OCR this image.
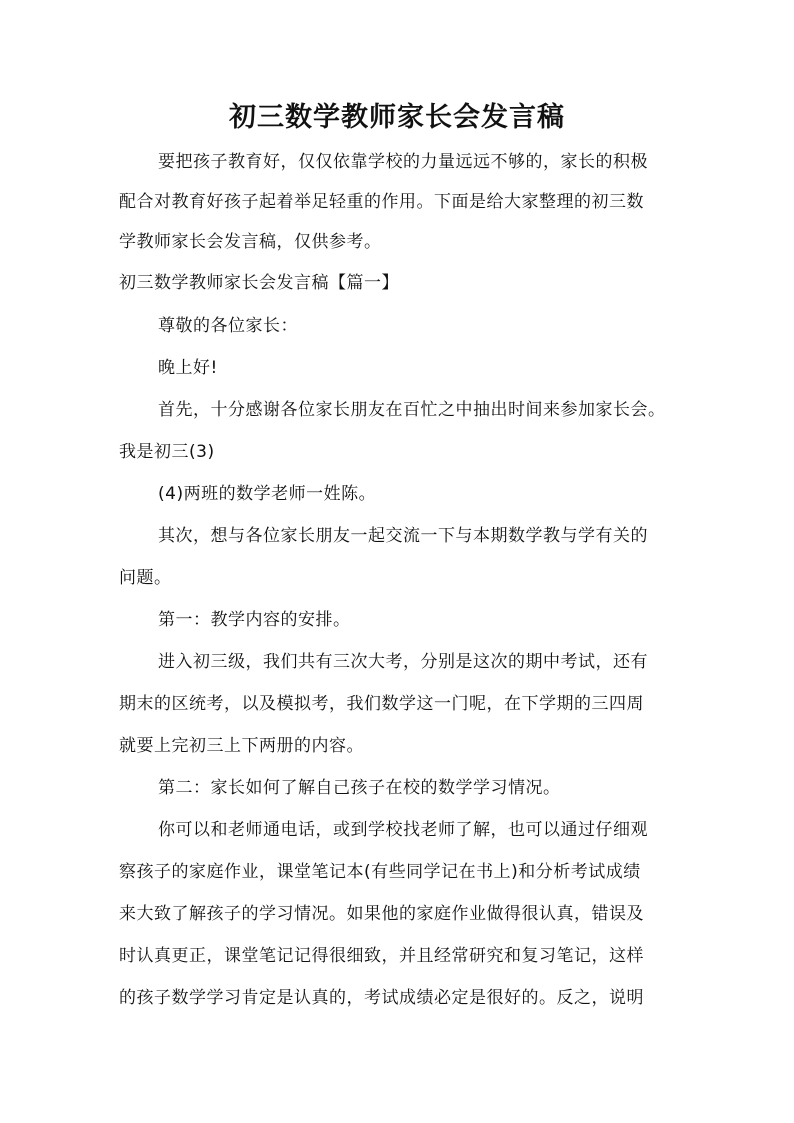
初三数学教师家长会发言稿
要把孩子教育好，仅仅依靠学校的力量远远不够的，家长的积极
配合对教育好孩子起着举足轻重的作用。下面是给大家整理的初三数
学教师家长会发言稿，仅供参考。
初三数学教师家长会发言稿【篇一】
尊敬的各位家长：
晚上好!
首先，十分感谢各位家长朋友在百忙之中抽出时间来参加家长会。
我是初三(3)
(4)两班的数学老师一姓陈。
其次，想与各位家长朋友一起交流一下与本期数学教与学有关的
问题。
第一：教学内容的安排。
进入初三级，我们共有三次大考，分别是这次的期中考试，还有
期末的区统考，以及模拟考，我们数学这一门呢，在下学期的三四周
就要上完初三上下两册的内容。
第二：家长如何了解自己孩子在校的数学学习情况。
你可以和老师通电话，或到学校找老师了解，也可以通过仔细观
察孩子的家庭作业，课堂笔记本(有些同学记在书上)和分析考试成绩
来大致了解孩子的学习情况。如果他的家庭作业做得很认真，错误及
时认真更正，课堂笔记记得很细致，并且经常研究和复习笔记，这样
的孩子数学学习肯定是认真的，考试成绩必定是很好的。反之，说明
